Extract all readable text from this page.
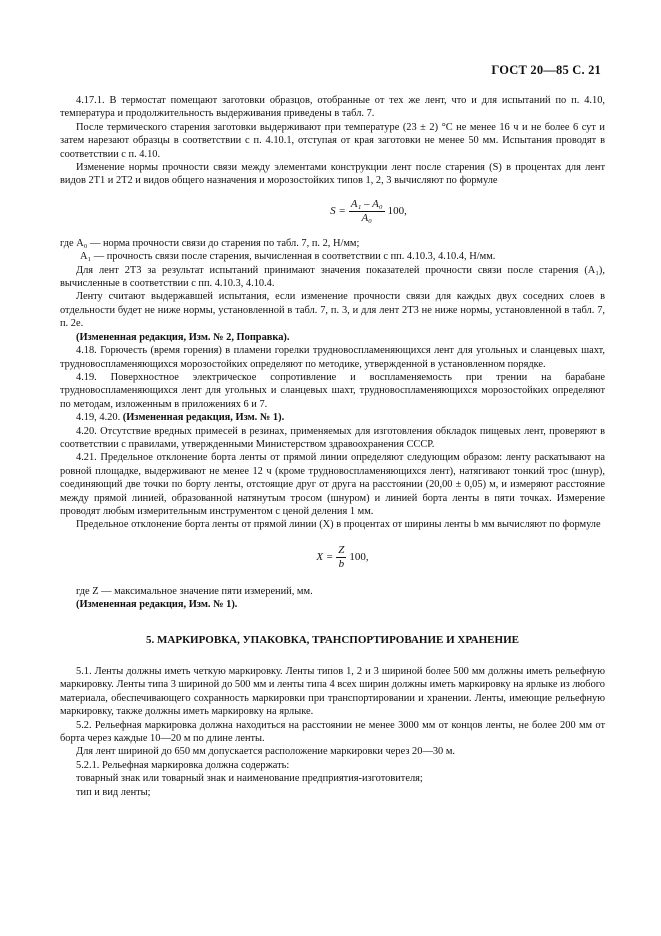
ГОСТ 20—85 С. 21

4.17.1. В термостат помещают заготовки образцов, отобранные от тех же лент, что и для испытаний по п. 4.10, температура и продолжительность выдерживания приведены в табл. 7.

После термического старения заготовки выдерживают при температуре (23 ± 2) °С не менее 16 ч и не более 6 сут и затем нарезают образцы в соответствии с п. 4.10.1, отступая от края заготовки не менее 50 мм. Испытания проводят в соответствии с п. 4.10.

Изменение нормы прочности связи между элементами конструкции лент после старения (S) в процентах для лент видов 2Т1 и 2Т2 и видов общего назначения и морозостойких типов 1, 2, 3 вычисляют по формуле

$S = \frac{\text{A₁ – A₀}}{\text{A₀}} 100$,

где A₀ — норма прочности связи до старения по табл. 7, п. 2, Н/мм;

A₁ — прочность связи после старения, вычисленная в соответствии с пп. 4.10.3, 4.10.4, Н/мм.

Для лент 2Т3 за результат испытаний принимают значения показателей прочности связи после старения (A₁), вычисленные в соответствии с пп. 4.10.3, 4.10.4.

Ленту считают выдержавшей испытания, если изменение прочности связи для каждых двух соседних слоев в отдельности будет не ниже нормы, установленной в табл. 7, п. 3, и для лент 2Т3 не ниже нормы, установленной в табл. 7, п. 2е.

(Измененная редакция, Изм. № 2, Поправка).

4.18. Горючесть (время горения) в пламени горелки трудновоспламеняющихся лент для угольных и сланцевых шахт, трудновоспламеняющихся морозостойких определяют по методике, утвержденной в установленном порядке.

4.19. Поверхностное электрическое сопротивление и воспламеняемость при трении на барабане трудновоспламеняющихся лент для угольных и сланцевых шахт, трудновоспламеняющихся морозостойких определяют по методам, изложенным в приложениях 6 и 7.

4.19, 4.20. (Измененная редакция, Изм. № 1).

4.20. Отсутствие вредных примесей в резинах, применяемых для изготовления обкладок пищевых лент, проверяют в соответствии с правилами, утвержденными Министерством здравоохранения СССР.

4.21. Предельное отклонение борта ленты от прямой линии определяют следующим образом: ленту раскатывают на ровной площадке, выдерживают не менее 12 ч (кроме трудновоспламеняющихся лент), натягивают тонкий трос (шнур), соединяющий две точки по борту ленты, отстоящие друг от друга на расстоянии (20,00 ± 0,05) м, и измеряют расстояние между прямой линией, образованной натянутым тросом (шнуром) и линией борта ленты в пяти точках. Измерение проводят любым измерительным инструментом с ценой деления 1 мм.

Предельное отклонение борта ленты от прямой линии (X) в процентах от ширины ленты b мм вычисляют по формуле

$X = \frac{Z}{b} 100$,

где Z — максимальное значение пяти измерений, мм.

(Измененная редакция, Изм. № 1).

5. МАРКИРОВКА, УПАКОВКА, ТРАНСПОРТИРОВАНИЕ И ХРАНЕНИЕ

5.1. Ленты должны иметь четкую маркировку. Ленты типов 1, 2 и 3 шириной более 500 мм должны иметь рельефную маркировку. Ленты типа 3 шириной до 500 мм и ленты типа 4 всех ширин должны иметь маркировку на ярлыке из любого материала, обеспечивающего сохранность маркировки при транспортировании и хранении. Ленты, имеющие рельефную маркировку, также должны иметь маркировку на ярлыке.

5.2. Рельефная маркировка должна находиться на расстоянии не менее 3000 мм от концов ленты, не более 200 мм от борта через каждые 10—20 м по длине ленты.

Для лент шириной до 650 мм допускается расположение маркировки через 20—30 м.

5.2.1. Рельефная маркировка должна содержать:

товарный знак или товарный знак и наименование предприятия-изготовителя;

тип и вид ленты;
